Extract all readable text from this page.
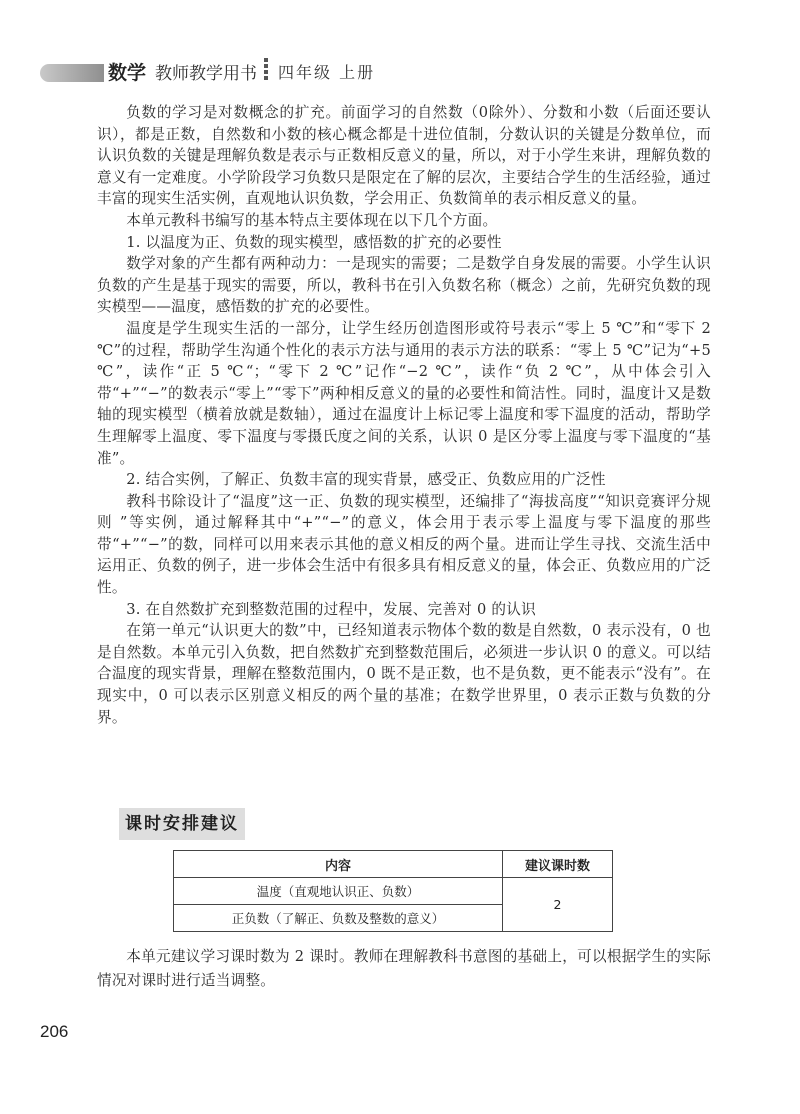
数学 教师教学用书 四年级 上册

负数的学习是对数概念的扩充。前面学习的自然数（0除外）、分数和小数（后面还要认识），都是正数，自然数和小数的核心概念都是十进位值制，分数认识的关键是分数单位，而认识负数的关键是理解负数是表示与正数相反意义的量，所以，对于小学生来讲，理解负数的意义有一定难度。小学阶段学习负数只是限定在了解的层次，主要结合学生的生活经验，通过丰富的现实生活实例，直观地认识负数，学会用正、负数简单的表示相反意义的量。

本单元教科书编写的基本特点主要体现在以下几个方面。

1. 以温度为正、负数的现实模型，感悟数的扩充的必要性

数学对象的产生都有两种动力：一是现实的需要；二是数学自身发展的需要。小学生认识负数的产生是基于现实的需要，所以，教科书在引入负数名称（概念）之前，先研究负数的现实模型——温度，感悟数的扩充的必要性。

温度是学生现实生活的一部分，让学生经历创造图形或符号表示“零上 5 ℃”和“零下 2 ℃”的过程，帮助学生沟通个性化的表示方法与通用的表示方法的联系：“零上 5 ℃”记为“+5 ℃”，读作“正 5 ℃“；“零下 2 ℃”记作“−2 ℃”，读作“负 2 ℃”，从中体会引入带“+”“−”的数表示“零上”“零下”两种相反意义的量的必要性和简洁性。同时，温度计又是数轴的现实模型（横着放就是数轴），通过在温度计上标记零上温度和零下温度的活动，帮助学生理解零上温度、零下温度与零摄氏度之间的关系，认识 0 是区分零上温度与零下温度的“基准”。

2. 结合实例，了解正、负数丰富的现实背景，感受正、负数应用的广泛性

教科书除设计了“温度”这一正、负数的现实模型，还编排了“海拔高度”“知识竞赛评分规则 ”等实例，通过解释其中“+”“−”的意义，体会用于表示零上温度与零下温度的那些带“+”“−”的数，同样可以用来表示其他的意义相反的两个量。进而让学生寻找、交流生活中运用正、负数的例子，进一步体会生活中有很多具有相反意义的量，体会正、负数应用的广泛性。

3. 在自然数扩充到整数范围的过程中，发展、完善对 0 的认识

在第一单元“认识更大的数”中，已经知道表示物体个数的数是自然数，0 表示没有，0 也是自然数。本单元引入负数，把自然数扩充到整数范围后，必须进一步认识 0 的意义。可以结合温度的现实背景，理解在整数范围内，0 既不是正数，也不是负数，更不能表示“没有”。在现实中，0 可以表示区别意义相反的两个量的基准；在数学世界里，0 表示正数与负数的分界。

课时安排建议
内容	建议课时数
温度（直观地认识正、负数）	2
正负数（了解正、负数及整数的意义）	

本单元建议学习课时数为 2 课时。教师在理解教科书意图的基础上，可以根据学生的实际情况对课时进行适当调整。

206
